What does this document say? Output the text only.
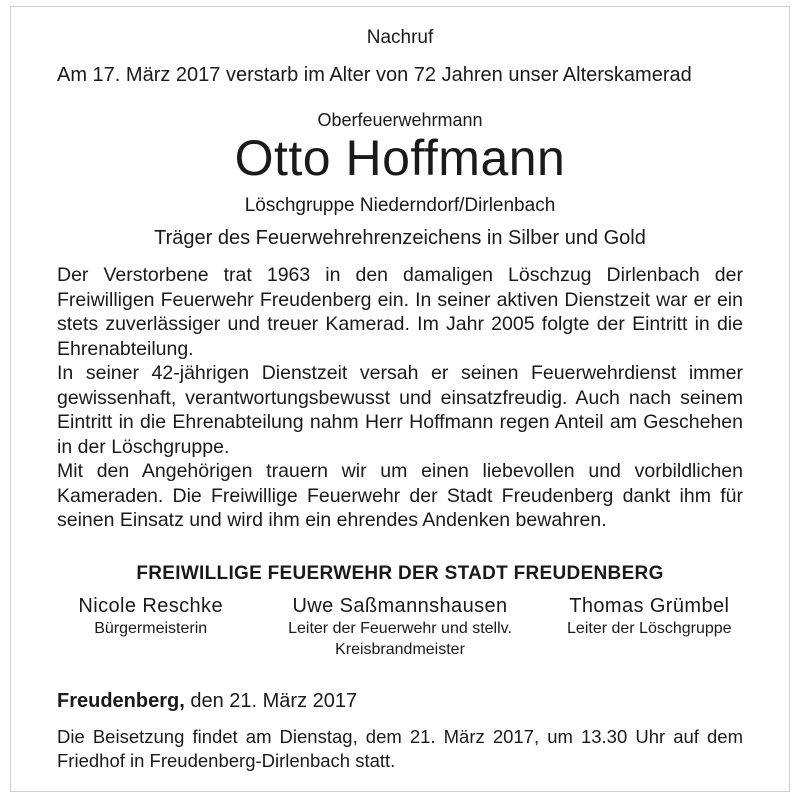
Nachruf
Am 17. März 2017 verstarb im Alter von 72 Jahren unser Alterskamerad
Oberfeuerwehrmann
Otto Hoffmann
Löschgruppe Niederndorf/Dirlenbach
Träger des Feuerwehrehrenzeichens in Silber und Gold

Der Verstorbene trat 1963 in den damaligen Löschzug Dirlenbach der Freiwilligen Feuerwehr Freudenberg ein. In seiner aktiven Dienstzeit war er ein stets zuverlässiger und treuer Kamerad. Im Jahr 2005 folgte der Eintritt in die Ehrenabteilung.

In seiner 42-jährigen Dienstzeit versah er seinen Feuerwehrdienst immer gewissenhaft, verantwortungsbewusst und einsatzfreudig. Auch nach seinem Eintritt in die Ehrenabteilung nahm Herr Hoffmann regen Anteil am Geschehen in der Löschgruppe.

Mit den Angehörigen trauern wir um einen liebevollen und vorbildlichen Kameraden. Die Freiwillige Feuerwehr der Stadt Freudenberg dankt ihm für seinen Einsatz und wird ihm ein ehrendes Andenken bewahren.

FREIWILLIGE FEUERWEHR DER STADT FREUDENBERG
Nicole Reschke
Bürgermeisterin
Uwe Saßmannshausen
Leiter der Feuerwehr und stellv. Kreisbrandmeister
Thomas Grümbel
Leiter der Löschgruppe
Freudenberg, den 21. März 2017
Die Beisetzung findet am Dienstag, dem 21. März 2017, um 13.30 Uhr auf dem Friedhof in Freudenberg-Dirlenbach statt.
